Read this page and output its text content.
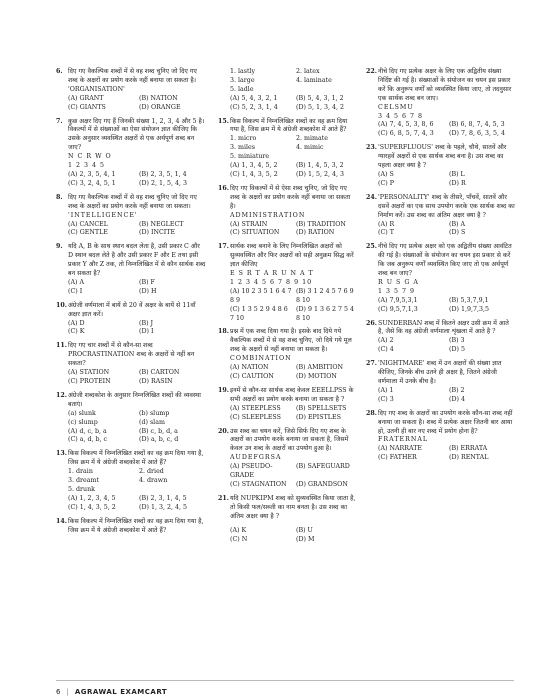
6. दिए गए वैकल्पिक शब्दों में से वह शब्द चुनिए जो दिए गए शब्द के अक्षरों का प्रयोग करके नहीं बनाया जा सकता है। 'ORGANISATION'
(A) GRANT	(B) NATION
(C) GIANTS	(D) ORANGE
7. कुछ अक्षर दिए गए हैं जिनकी संख्या 1, 2, 3, 4 और 5 है। विकल्पों में से संख्याओं का ऐसा संयोजन ज्ञात कीजिए कि उसके अनुसार व्यवस्थित अक्षरों से एक अर्थपूर्ण शब्द बन जाए?
N C R W O
1 2 3 4 5
(A) 2, 3, 5, 4, 1	(B) 2, 3, 5, 1, 4
(C) 3, 2, 4, 5, 1	(D) 2, 1, 5, 4, 3
8. दिए गए वैकल्पिक शब्दों में से वह शब्द चुनिए जो दिए गए शब्द के अक्षरों का प्रयोग करके नहीं बनाया जा सकता।
'INTELLIGENCE'
(A) CANCEL	(B) NEGLECT
(C) GENTLE	(D) INCITE
9. यदि A, B के साथ स्थान बदल लेता है, उसी प्रकार C और D स्थान बदल लेते है और उसी प्रकार F और E तथा इसी प्रकार Y और Z तक, तो निम्नलिखित में से कौन सार्थक शब्द बन सकता है?
(A) A	(B) F
(C) I	(D) H
10. अंग्रेजी वर्णमाला में बायें से 20 वें अक्षर के बायें से 11वाँ अक्षर ज्ञात करें।
(A) D	(B) J
(C) K	(D) I
11. दिए गए चार शब्दों में से कौन-सा शब्द PROCRASTINATION शब्द के अक्षरों से नहीं बन सकता?
(A) STATION	(B) CARTON
(C) PROTEIN	(D) RASIN
12. अंग्रेजी शब्दकोश के अनुसार निम्नलिखित शब्दों की व्यवस्था बताएं।
(a) slunk	(b) slump
(c) slump	(d) slam
(A) d, c, b, a	(B) c, b, d, a
(C) a, d, b, c	(D) a, b, c, d
13. किस विकल्प में निम्नलिखित शब्दों का वह क्रम दिया गया है, जिस क्रम में ये अंग्रेजी शब्दकोश में आते हैं?
1. drain	2. dried
3. dreamt	4. drawn
5. drunk
(A) 1, 2, 3, 4, 5	(B) 2, 3, 1, 4, 5
(C) 1, 4, 3, 5, 2	(D) 1, 3, 2, 4, 5
14. किस विकल्प में निम्नलिखित शब्दों का वह क्रम दिया गया है, जिस क्रम में ये अंग्रेजी शब्दकोश में आते हैं?
1. lastly	2. latex
3. large	4. laminate
5. ladle
(A) 5, 4, 3, 2, 1	(B) 5, 4, 3, 1, 2
(C) 5, 2, 3, 1, 4	(D) 5, 1, 3, 4, 2
15. किस विकल्प में निम्नलिखित शब्दों का वह क्रम दिया गया है, जिस क्रम में ये अंग्रेजी शब्दकोश में आते हैं?
1. micro	2. mimate
3. miles	4. mimic
5. miniature
(A) 1, 3, 4, 5, 2	(B) 1, 4, 5, 3, 2
(C) 1, 4, 3, 5, 2	(D) 1, 5, 2, 4, 3
16. दिए गए विकल्पों में से ऐसा शब्द चुनिए, जो दिए गए शब्द के अक्षरों का प्रयोग करके नहीं बनाया जा सकता है।
ADMINISTRATION
(A) STRAIN	(B) TRADITION
(C) SITUATION	(D) RATION
17. सार्थक शब्द बनाने के लिए निम्नलिखित अक्षरों को सुव्यवस्थित और फिर अक्षरों को सही अनुक्रम सिद्ध करें ज्ञात कीजिए
E S R T A R U N A T
1 2 3 4 5 6 7 8 9 10
(A) 10 2 3 5 1 6 4 7 8 9
(B) 3 1 2 4 5 7 6 9 8 10
(C) 1 3 5 2 9 4 8 6 7 10
(D) 9 1 3 6 2 7 5 4 8 10
18. प्रश्न में एक शब्द दिया गया है। इसके बाद दिये गये वैकल्पिक शब्दों में से वह शब्द चुनिए, जो दिये गये मूल शब्द के अक्षरों से नहीं बनाया जा सकता है।
COMBINATION
(A) NATION	(B) AMBITION
(C) CAUTION	(D) MOTION
19. इनमें से कौन-सा सार्थक शब्द केवल EEELLPSS के सभी अक्षरों का प्रयोग करके बनाया जा सकता है ?
(A) STEEPLESS	(B) SPELLSETS
(C) SLEEPLESS	(D) EPISTLES
20. उस शब्द का चयन करें, जिसे सिर्फ दिए गए शब्द के अक्षरों का उपयोग करके बनाया जा सकता है, जिसमें केवल उन शब्द के अक्षरों का उपयोग हुआ है।
AUDEFGRSA
(A) PSEUDO-GRADE
(B) SAFEGUARD
(C) STAGNATION	(D) GRANDSON
21. यदि NUPKIPM शब्द को सुव्यवस्थित किया जाता है, तो किसी फल/सब्जी का नाम बनता है। उस शब्द का अंतिम अक्षर क्या है ?
(A) K	(B) U
(C) N	(D) M
22. नीचे दिए गए प्रत्येक अक्षर के लिए एक अद्वितीय संख्या निर्दिष्ट की गई है। संख्याओं के संयोजन का चयन इस प्रकार करें कि अनुरूप वर्णों को व्यवस्थित किया जाए, तो तदनुसार एक सार्थक शब्द बन जाए।
CELSMU
3 4 5 6 7 8
(A) 7, 4, 5, 3, 8, 6	(B) 6, 8, 7, 4, 5, 3
(C) 6, 8, 5, 7, 4, 3	(D) 7, 8, 6, 3, 5, 4
23. 'SUPERFLUOUS' शब्द के पहले, चौथे, सातवें और ग्यारहवें अक्षरों से एक सार्थक शब्द बना है। उस शब्द का पहला अक्षर क्या है ?
(A) S	(B) L
(C) P	(D) R
24. 'PERSONALITY' शब्द के तीसरे, पाँचवें, सातवें और दसवें अक्षरों का एक साथ उपयोग करके एक सार्थक शब्द का निर्माण करें। उस शब्द का अंतिम अक्षर क्या है ?
(A) R	(B) A
(C) T	(D) S
25. नीचे दिए गए प्रत्येक अक्षर को एक अद्वितीय संख्या आवंटित की गई है। संख्याओं के संयोजन का चयन इस प्रकार से करें कि जब अनुरूप वर्णों व्यवस्थित किए जाए तो एक अर्थपूर्ण शब्द बन जाए?
R U S G A
1 3 5 7 9
(A) 7,9,5,3,1	(B) 5,3,7,9,1
(C) 9,5,7,1,3	(D) 1,9,7,3,5
26. SUNDERBAN शब्द में कितने अक्षर उसी क्रम में आते है, जैसे कि वह अंग्रेजी वर्णमाला शृंखला में आते है ?
(A) 2	(B) 3
(C) 4	(D) 5
27. 'NIGHTMARE' शब्द में उन अक्षरों की संख्या ज्ञात कीजिए, जिनके बीच उतने ही अक्षर है, जितने अंग्रेजी वर्णमाला में उनके बीच है।
(A) 1	(B) 2
(C) 3	(D) 4
28. दिए गए शब्द के अक्षरों का उपयोग करके कौन-सा शब्द नहीं बनाया जा सकता है। शब्द में प्रत्येक अक्षर जितनी बार आया हो, उतनी ही बार नए शब्द में प्रयोग होना है?
FRATERNAL
(A) NARRATE	(B) ERRATA
(C) FATHER	(D) RENTAL
6 | AGRAWAL EXAMCART
